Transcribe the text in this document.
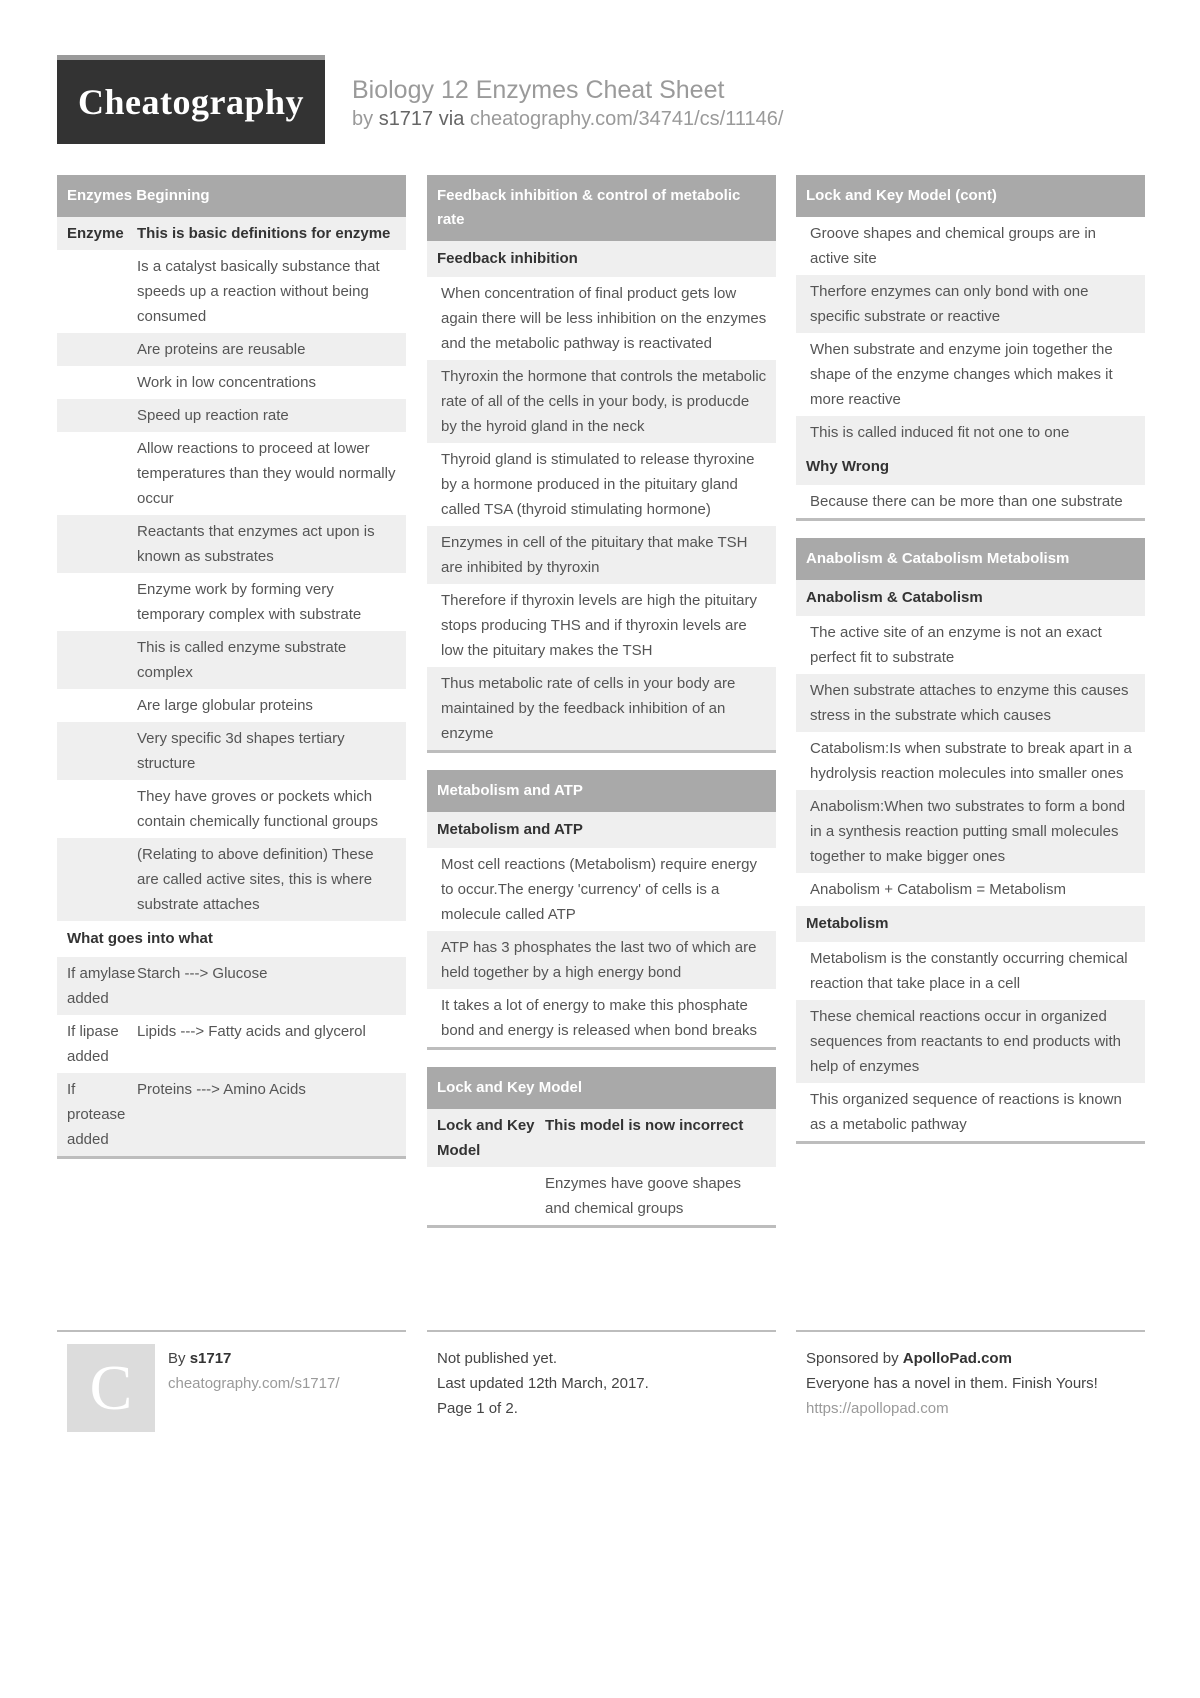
Cheatography Biology 12 Enzymes Cheat Sheet
by s1717 via cheatography.com/34741/cs/11146/
Enzymes Beginning
Enzyme This is basic definitions for enzyme
Is a catalyst basically substance that speeds up a reaction without being consumed
Are proteins are reusable
Work in low concentrations
Speed up reaction rate
Allow reactions to proceed at lower temperatures than they would normally occur
Reactants that enzymes act upon is known as substrates
Enzyme work by forming very temporary complex with substrate
This is called enzyme substrate complex
Are large globular proteins
Very specific 3d shapes tertiary structure
They have groves or pockets which contain chemically functional groups
(Relating to above definition) These are called active sites, this is where substrate attaches
What goes into what
If amylase added
Starch ---> Glucose
If lipase added
Lipids ---> Fatty acids and glycerol
If protease added
Proteins ---> Amino Acids
Feedback inhibition & control of metabolic rate
Feedback inhibition
When concentration of final product gets low again there will be less inhibition on the enzymes and the metabolic pathway is reactivated
Thyroxin the hormone that controls the metabolic rate of all of the cells in your body, is producde by the hyroid gland in the neck
Thyroid gland is stimulated to release thyroxine by a hormone produced in the pituitary gland called TSA (thyroid stimulating hormone)
Enzymes in cell of the pituitary that make TSH are inhibited by thyroxin
Therefore if thyroxin levels are high the pituitary stops producing THS and if thyroxin levels are low the pituitary makes the TSH
Thus metabolic rate of cells in your body are maintained by the feedback inhibition of an enzyme
Metabolism and ATP
Metabolism and ATP
Most cell reactions (Metabolism) require energy to occur.The energy 'currency' of cells is a molecule called ATP
ATP has 3 phosphates the last two of which are held together by a high energy bond
It takes a lot of energy to make this phosphate bond and energy is released when bond breaks
Lock and Key Model
Lock and Key Model
This model is now incorrect
Enzymes have goove shapes and chemical groups
Lock and Key Model (cont)
Groove shapes and chemical groups are in active site
Therfore enzymes can only bond with one specific substrate or reactive
When substrate and enzyme join together the shape of the enzyme changes which makes it more reactive
This is called induced fit not one to one
Why Wrong
Because there can be more than one substrate
Anabolism & Catabolism Metabolism
Anabolism & Catabolism
The active site of an enzyme is not an exact perfect fit to substrate
When substrate attaches to enzyme this causes stress in the substrate which causes
Catabolism:Is when substrate to break apart in a hydrolysis reaction molecules into smaller ones
Anabolism:When two substrates to form a bond in a synthesis reaction putting small molecules together to make bigger ones
Anabolism + Catabolism = Metabolism
Metabolism
Metabolism is the constantly occurring chemical reaction that take place in a cell
These chemical reactions occur in organized sequences from reactants to end products with help of enzymes
This organized sequence of reactions is known as a metabolic pathway
C By s1717
cheatography.com/s1717/
Not published yet.
Last updated 12th March, 2017.
Page 1 of 2.
Sponsored by ApolloPad.com
Everyone has a novel in them. Finish Yours!
https://apollopad.com
